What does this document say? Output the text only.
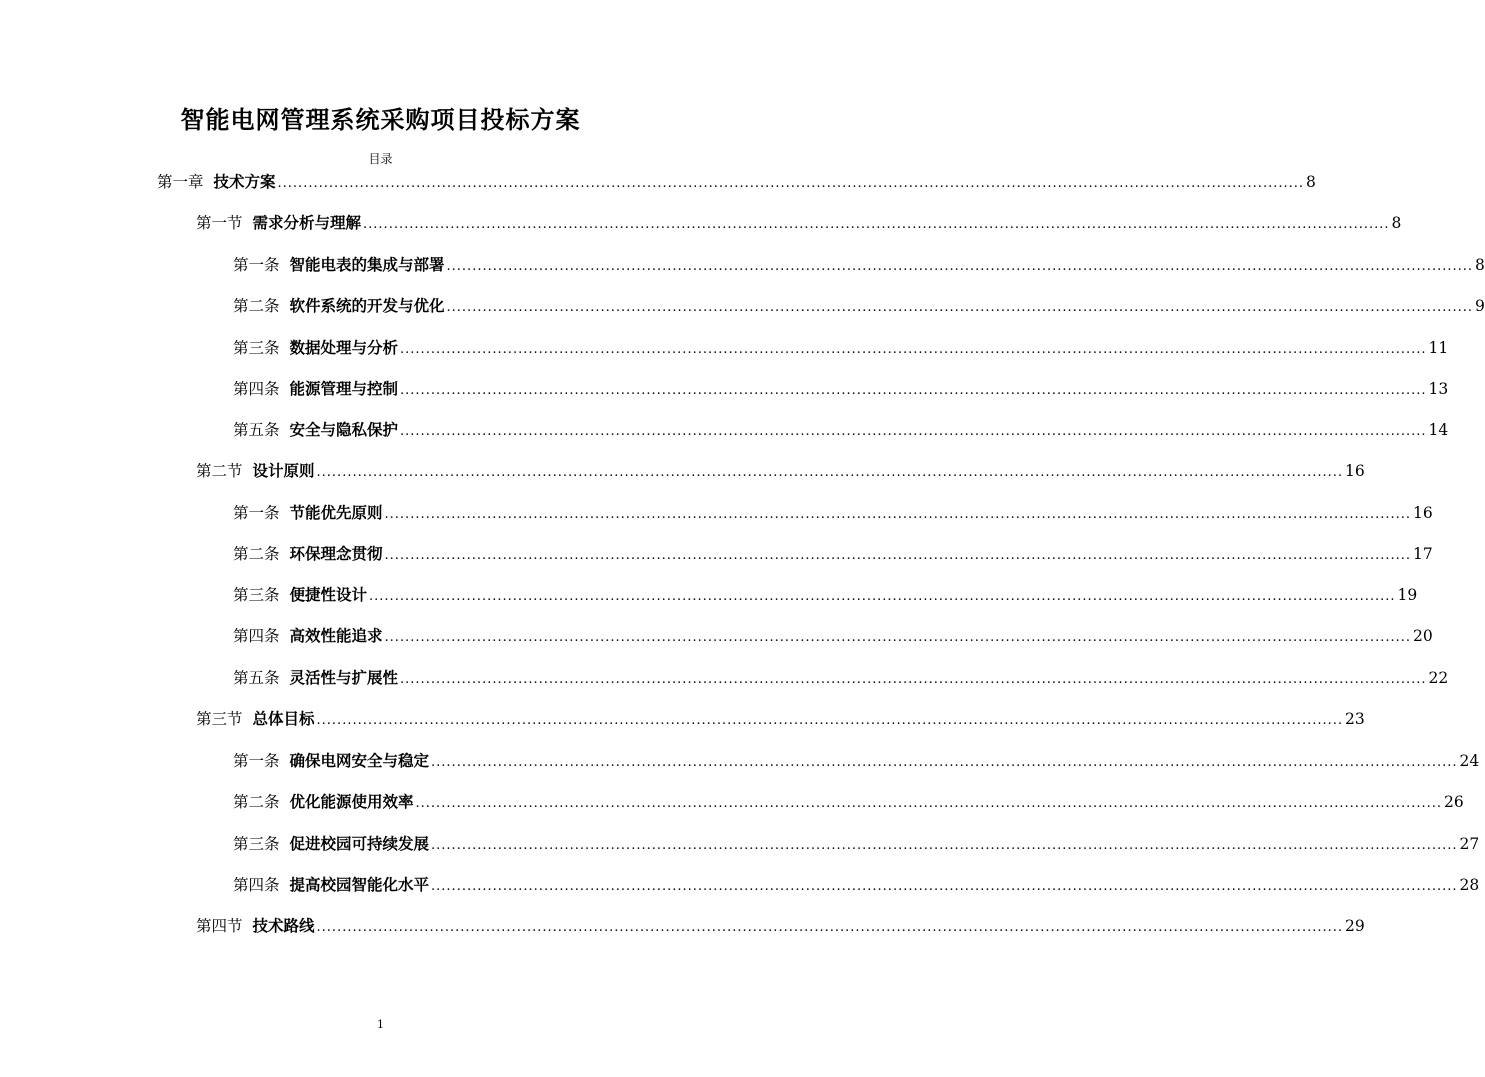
智能电网管理系统采购项目投标方案
目录
第一章 技术方案 ........................................................................................................................................................................................................ 8
第一节 需求分析与理解 ........................................................................................................................................................................................................ 8
第一条 智能电表的集成与部署 ........................................................................................................................................................................................................ 8
第二条 软件系统的开发与优化 ........................................................................................................................................................................................................ 9
第三条 数据处理与分析 ........................................................................................................................................................................................................ 11
第四条 能源管理与控制 ........................................................................................................................................................................................................ 13
第五条 安全与隐私保护 ........................................................................................................................................................................................................ 14
第二节 设计原则 ........................................................................................................................................................................................................ 16
第一条 节能优先原则 ........................................................................................................................................................................................................ 16
第二条 环保理念贯彻 ........................................................................................................................................................................................................ 17
第三条 便捷性设计 ........................................................................................................................................................................................................ 19
第四条 高效性能追求 ........................................................................................................................................................................................................ 20
第五条 灵活性与扩展性 ........................................................................................................................................................................................................ 22
第三节 总体目标 ........................................................................................................................................................................................................ 23
第一条 确保电网安全与稳定 ........................................................................................................................................................................................................ 24
第二条 优化能源使用效率 ........................................................................................................................................................................................................ 26
第三条 促进校园可持续发展 ........................................................................................................................................................................................................ 27
第四条 提高校园智能化水平 ........................................................................................................................................................................................................ 28
第四节 技术路线 ........................................................................................................................................................................................................ 29
1
